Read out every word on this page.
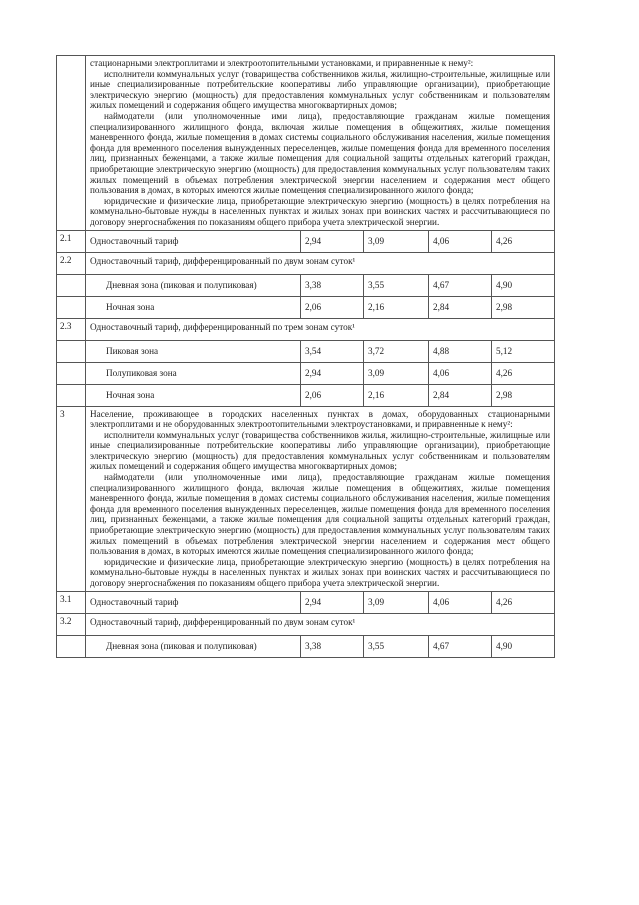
	стационарными электроплитами и электроотопительными установками, и приравненные к нему²:

исполнители коммунальных услуг (товарищества собственников жилья, жилищно-строительные, жилищные или иные специализированные потребительские кооперативы либо управляющие организации), приобретающие электрическую энергию (мощность) для предоставления коммунальных услуг собственникам и пользователям жилых помещений и содержания общего имущества многоквартирных домов;

наймодатели (или уполномоченные ими лица), предоставляющие гражданам жилые помещения специализированного жилищного фонда, включая жилые помещения в общежитиях, жилые помещения маневренного фонда, жилые помещения в домах системы социального обслуживания населения, жилые помещения фонда для временного поселения вынужденных переселенцев, жилые помещения фонда для временного поселения лиц, признанных беженцами, а также жилые помещения для социальной защиты отдельных категорий граждан, приобретающие электрическую энергию (мощность) для предоставления коммунальных услуг пользователям таких жилых помещений в объемах потребления электрической энергии населением и содержания мест общего пользования в домах, в которых имеются жилые помещения специализированного жилого фонда;

юридические и физические лица, приобретающие электрическую энергию (мощность) в целях потребления на коммунально-бытовые нужды в населенных пунктах и жилых зонах при воинских частях и рассчитывающиеся по договору энергоснабжения по показаниям общего прибора учета электрической энергии.				

2.1	Одноставочный тариф	2,94	3,09	4,06	4,26
2.2	Одноставочный тариф, дифференцированный по двум зонам суток¹				
	Дневная зона (пиковая и полупиковая)	3,38	3,55	4,67	4,90
	Ночная зона	2,06	2,16	2,84	2,98
2.3	Одноставочный тариф, дифференцированный по трем зонам суток¹				
	Пиковая зона	3,54	3,72	4,88	5,12
	Полупиковая зона	2,94	3,09	4,06	4,26
	Ночная зона	2,06	2,16	2,84	2,98
3	Население, проживающее в городских населенных пунктах в домах, оборудованных стационарными электроплитами и не оборудованных электроотопительными электроустановками, и приравненные к нему²:

исполнители коммунальных услуг (товарищества собственников жилья, жилищно-строительные, жилищные или иные специализированные потребительские кооперативы либо управляющие организации), приобретающие электрическую энергию (мощность) для предоставления коммунальных услуг собственникам и пользователям жилых помещений и содержания общего имущества многоквартирных домов;

наймодатели (или уполномоченные ими лица), предоставляющие гражданам жилые помещения специализированного жилищного фонда, включая жилые помещения в общежитиях, жилые помещения маневренного фонда, жилые помещения в домах системы социального обслуживания населения, жилые помещения фонда для временного поселения вынужденных переселенцев, жилые помещения фонда для временного поселения лиц, признанных беженцами, а также жилые помещения для социальной защиты отдельных категорий граждан, приобретающие электрическую энергию (мощность) для предоставления коммунальных услуг пользователям таких жилых помещений в объемах потребления электрической энергии населением и содержания мест общего пользования в домах, в которых имеются жилые помещения специализированного жилого фонда;

юридические и физические лица, приобретающие электрическую энергию (мощность) в целях потребления на коммунально-бытовые нужды в населенных пунктах и жилых зонах при воинских частях и рассчитывающиеся по договору энергоснабжения по показаниям общего прибора учета электрической энергии.				

3.1	Одноставочный тариф	2,94	3,09	4,06	4,26
3.2	Одноставочный тариф, дифференцированный по двум зонам суток¹				
	Дневная зона (пиковая и полупиковая)	3,38	3,55	4,67	4,90
